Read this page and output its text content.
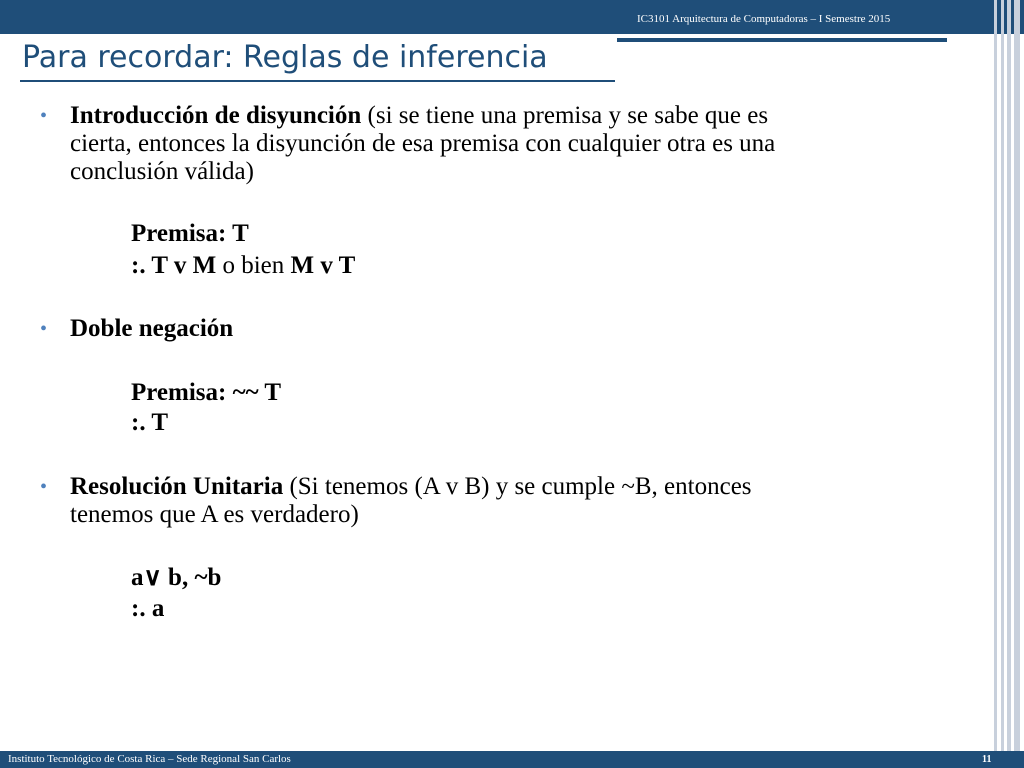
IC3101 Arquitectura de Computadoras – I Semestre 2015
Para recordar: Reglas de inferencia
• Introducción de disyunción (si se tiene una premisa y se sabe que es
cierta, entonces la disyunción de esa premisa con cualquier otra es una
conclusión válida)
Premisa: T
:. T v M o bien M v T
• Doble negación
Premisa: ~~ T
:. T
• Resolución Unitaria (Si tenemos (A v B) y se cumple ~B, entonces
tenemos que A es verdadero)
a∨ b, ~b
:. a
Instituto Tecnológico de Costa Rica – Sede Regional San Carlos	11
